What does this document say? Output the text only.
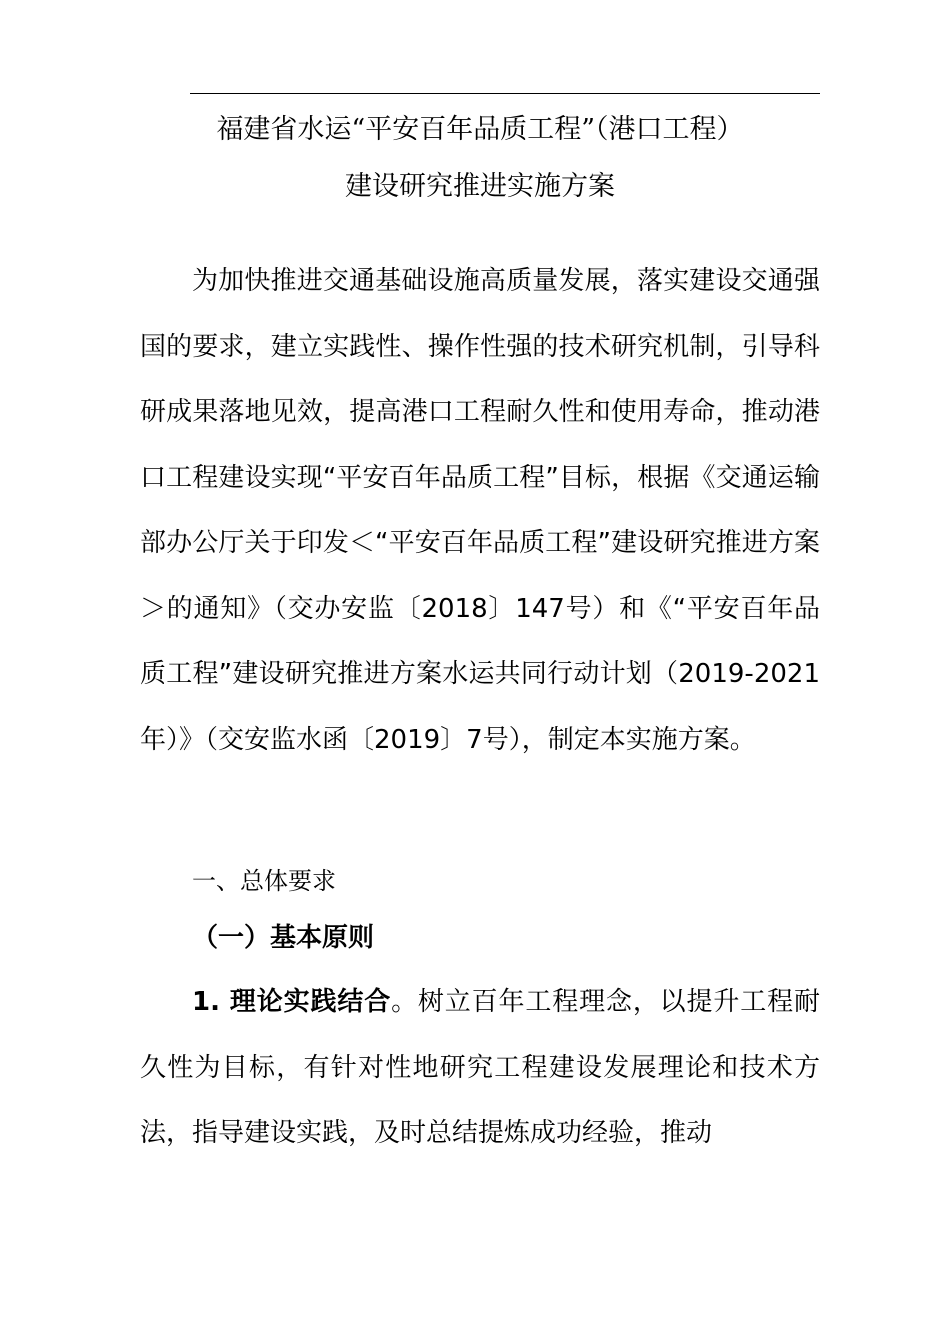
福建省水运“平安百年品质工程”（港口工程）
建设研究推进实施方案

为加快推进交通基础设施高质量发展，落实建设交通强国的要求，建立实践性、操作性强的技术研究机制，引导科研成果落地见效，提高港口工程耐久性和使用寿命，推动港口工程建设实现“平安百年品质工程”目标，根据《交通运输部办公厅关于印发＜“平安百年品质工程”建设研究推进方案＞的通知》（交办安监〔2018〕147号）和《“平安百年品质工程”建设研究推进方案水运共同行动计划（2019-2021年）》（交安监水函〔2019〕7号），制定本实施方案。

一、总体要求
（一）基本原则

1. 理论实践结合。树立百年工程理念，以提升工程耐久性为目标，有针对性地研究工程建设发展理论和技术方法，指导建设实践，及时总结提炼成功经验，推动
